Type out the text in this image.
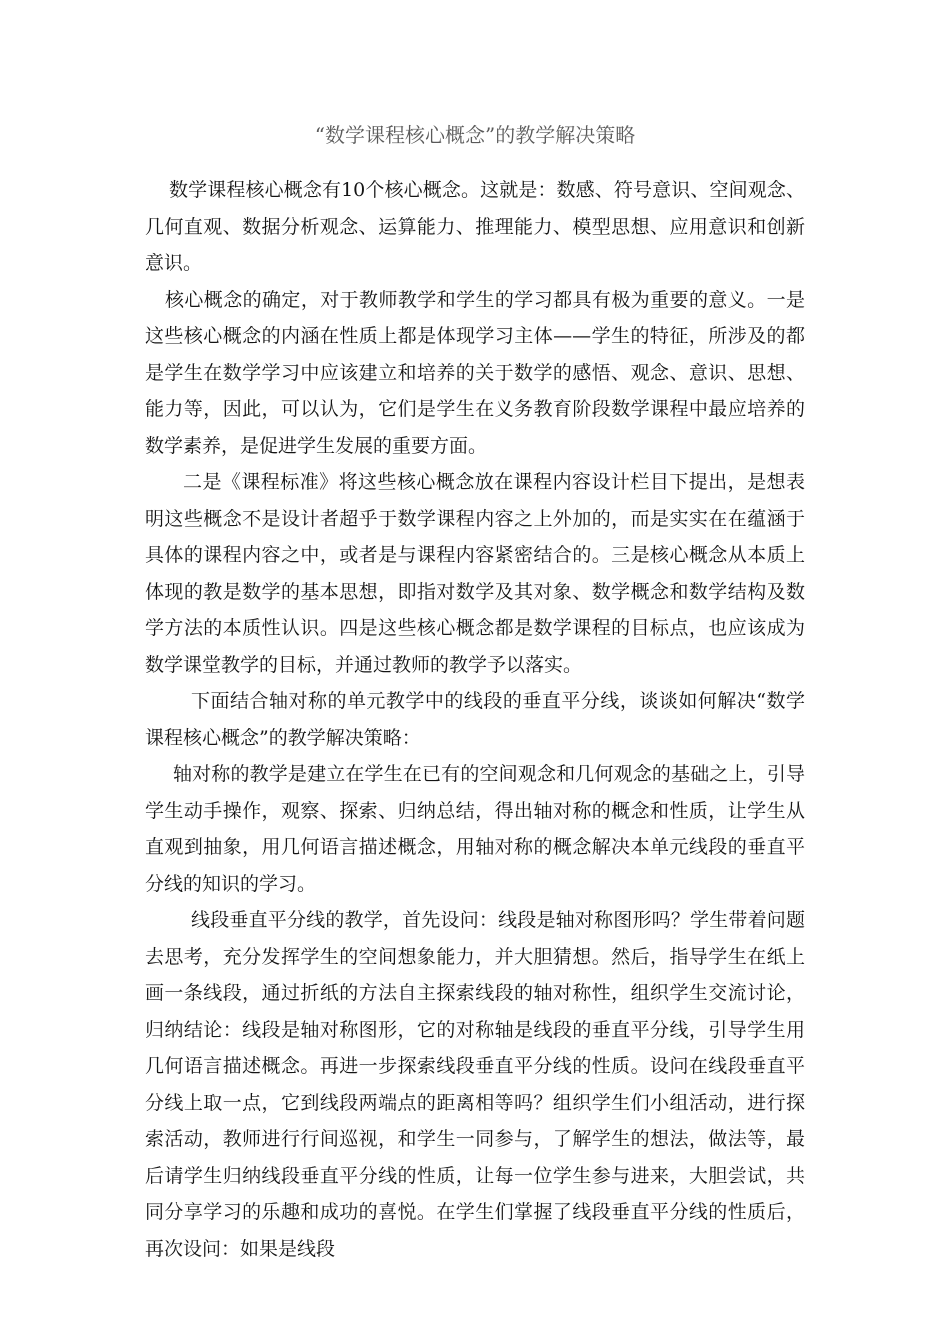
“数学课程核心概念”的教学解决策略

数学课程核心概念有10个核心概念。这就是：数感、符号意识、空间观念、几何直观、数据分析观念、运算能力、推理能力、模型思想、应用意识和创新意识。

核心概念的确定，对于教师教学和学生的学习都具有极为重要的意义。一是这些核心概念的内涵在性质上都是体现学习主体——学生的特征，所涉及的都是学生在数学学习中应该建立和培养的关于数学的感悟、观念、意识、思想、能力等，因此，可以认为，它们是学生在义务教育阶段数学课程中最应培养的数学素养，是促进学生发展的重要方面。

二是《课程标准》将这些核心概念放在课程内容设计栏目下提出，是想表明这些概念不是设计者超乎于数学课程内容之上外加的，而是实实在在蕴涵于具体的课程内容之中，或者是与课程内容紧密结合的。三是核心概念从本质上体现的教是数学的基本思想，即指对数学及其对象、数学概念和数学结构及数学方法的本质性认识。四是这些核心概念都是数学课程的目标点，也应该成为数学课堂教学的目标，并通过教师的教学予以落实。

下面结合轴对称的单元教学中的线段的垂直平分线，谈谈如何解决“数学课程核心概念”的教学解决策略：

轴对称的教学是建立在学生在已有的空间观念和几何观念的基础之上，引导学生动手操作，观察、探索、归纳总结，得出轴对称的概念和性质，让学生从直观到抽象，用几何语言描述概念，用轴对称的概念解决本单元线段的垂直平分线的知识的学习。

线段垂直平分线的教学，首先设问：线段是轴对称图形吗？学生带着问题去思考，充分发挥学生的空间想象能力，并大胆猜想。然后，指导学生在纸上画一条线段，通过折纸的方法自主探索线段的轴对称性，组织学生交流讨论，归纳结论：线段是轴对称图形，它的对称轴是线段的垂直平分线，引导学生用几何语言描述概念。再进一步探索线段垂直平分线的性质。设问在线段垂直平分线上取一点，它到线段两端点的距离相等吗？组织学生们小组活动，进行探索活动，教师进行行间巡视，和学生一同参与，了解学生的想法，做法等，最后请学生归纳线段垂直平分线的性质，让每一位学生参与进来，大胆尝试，共同分享学习的乐趣和成功的喜悦。在学生们掌握了线段垂直平分线的性质后，再次设问：如果是线段
